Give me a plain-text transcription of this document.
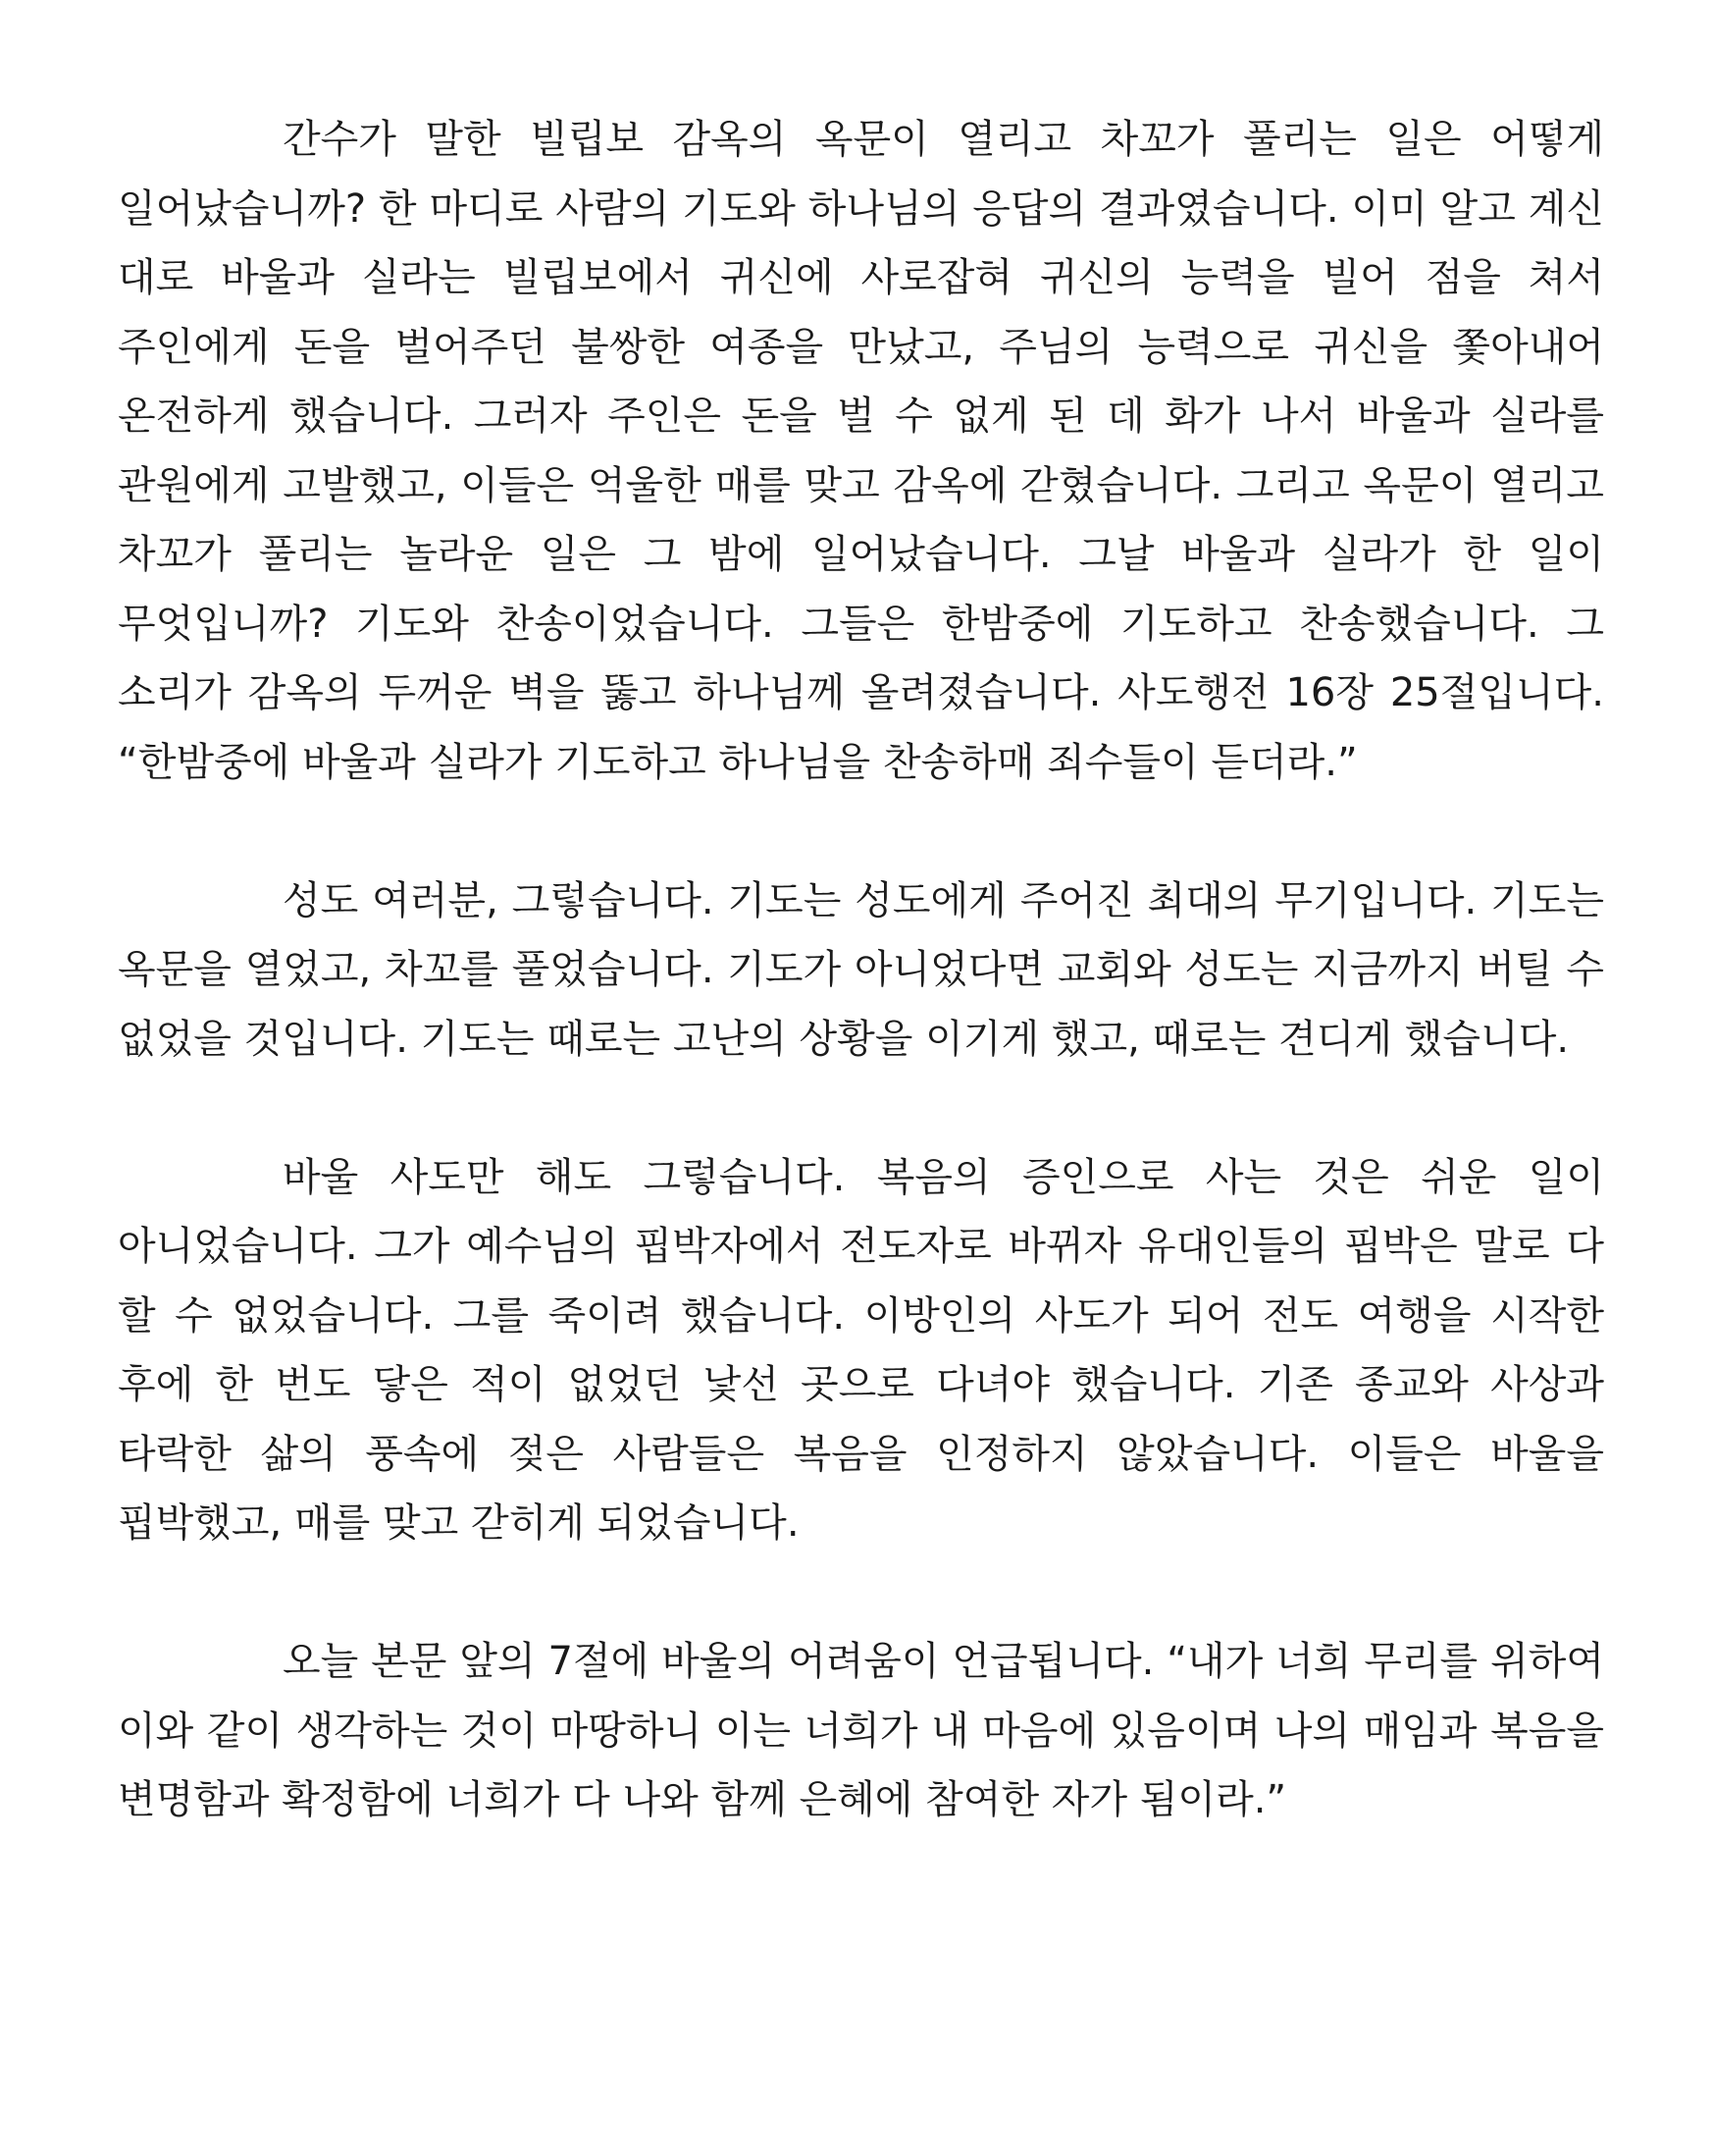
간수가 말한 빌립보 감옥의 옥문이 열리고 차꼬가 풀리는 일은 어떻게 일어났습니까? 한 마디로 사람의 기도와 하나님의 응답의 결과였습니다. 이미 알고 계신 대로 바울과 실라는 빌립보에서 귀신에 사로잡혀 귀신의 능력을 빌어 점을 쳐서 주인에게 돈을 벌어주던 불쌍한 여종을 만났고, 주님의 능력으로 귀신을 쫓아내어 온전하게 했습니다. 그러자 주인은 돈을 벌 수 없게 된 데 화가 나서 바울과 실라를 관원에게 고발했고, 이들은 억울한 매를 맞고 감옥에 갇혔습니다. 그리고 옥문이 열리고 차꼬가 풀리는 놀라운 일은 그 밤에 일어났습니다. 그날 바울과 실라가 한 일이 무엇입니까? 기도와 찬송이었습니다. 그들은 한밤중에 기도하고 찬송했습니다. 그 소리가 감옥의 두꺼운 벽을 뚫고 하나님께 올려졌습니다. 사도행전 16장 25절입니다. “한밤중에 바울과 실라가 기도하고 하나님을 찬송하매 죄수들이 듣더라.”

성도 여러분, 그렇습니다. 기도는 성도에게 주어진 최대의 무기입니다. 기도는 옥문을 열었고, 차꼬를 풀었습니다. 기도가 아니었다면 교회와 성도는 지금까지 버틸 수 없었을 것입니다. 기도는 때로는 고난의 상황을 이기게 했고, 때로는 견디게 했습니다.

바울 사도만 해도 그렇습니다. 복음의 증인으로 사는 것은 쉬운 일이 아니었습니다. 그가 예수님의 핍박자에서 전도자로 바뀌자 유대인들의 핍박은 말로 다 할 수 없었습니다. 그를 죽이려 했습니다. 이방인의 사도가 되어 전도 여행을 시작한 후에 한 번도 닿은 적이 없었던 낯선 곳으로 다녀야 했습니다. 기존 종교와 사상과 타락한 삶의 풍속에 젖은 사람들은 복음을 인정하지 않았습니다. 이들은 바울을 핍박했고, 매를 맞고 갇히게 되었습니다.

오늘 본문 앞의 7절에 바울의 어려움이 언급됩니다. “내가 너희 무리를 위하여 이와 같이 생각하는 것이 마땅하니 이는 너희가 내 마음에 있음이며 나의 매임과 복음을 변명함과 확정함에 너희가 다 나와 함께 은혜에 참여한 자가 됨이라.”
